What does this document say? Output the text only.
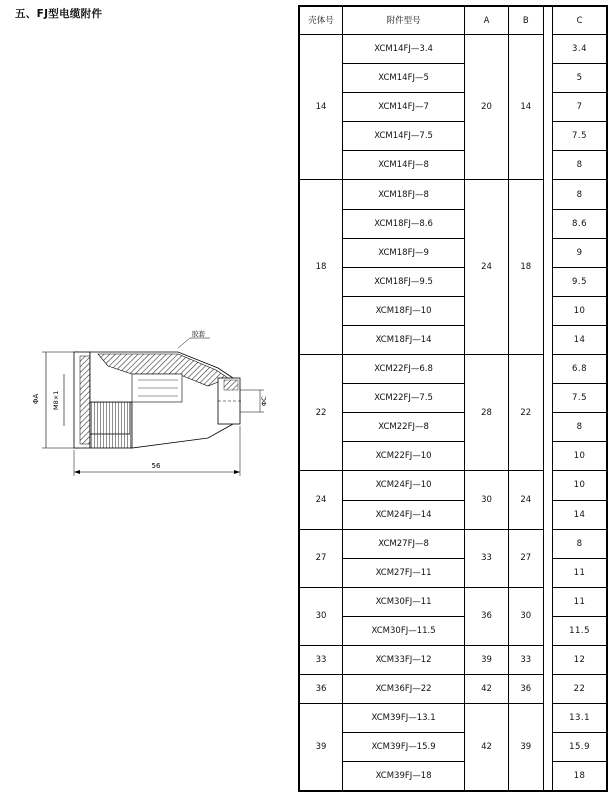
五、FJ型电缆附件
ΦA M8×1
胶套
ΦC
56
壳体号	附件型号	A	B		C
14	XCM14FJ—3.4	20	14		3.4
	XCM14FJ—5				5
	XCM14FJ—7				7
	XCM14FJ—7.5				7.5
	XCM14FJ—8				8
18	XCM18FJ—8	24	18		8
	XCM18FJ—8.6				8.6
	XCM18FJ—9				9
	XCM18FJ—9.5				9.5
	XCM18FJ—10				10
	XCM18FJ—14				14
22	XCM22FJ—6.8	28	22		6.8
	XCM22FJ—7.5				7.5
	XCM22FJ—8				8
	XCM22FJ—10				10
24	XCM24FJ—10	30	24		10
	XCM24FJ—14				14
27	XCM27FJ—8	33	27		8
	XCM27FJ—11				11
30	XCM30FJ—11	36	30		11
	XCM30FJ—11.5				11.5
33	XCM33FJ—12	39	33		12
36	XCM36FJ—22	42	36		22
39	XCM39FJ—13.1	42	39		13.1
	XCM39FJ—15.9				15.9
	XCM39FJ—18				18
